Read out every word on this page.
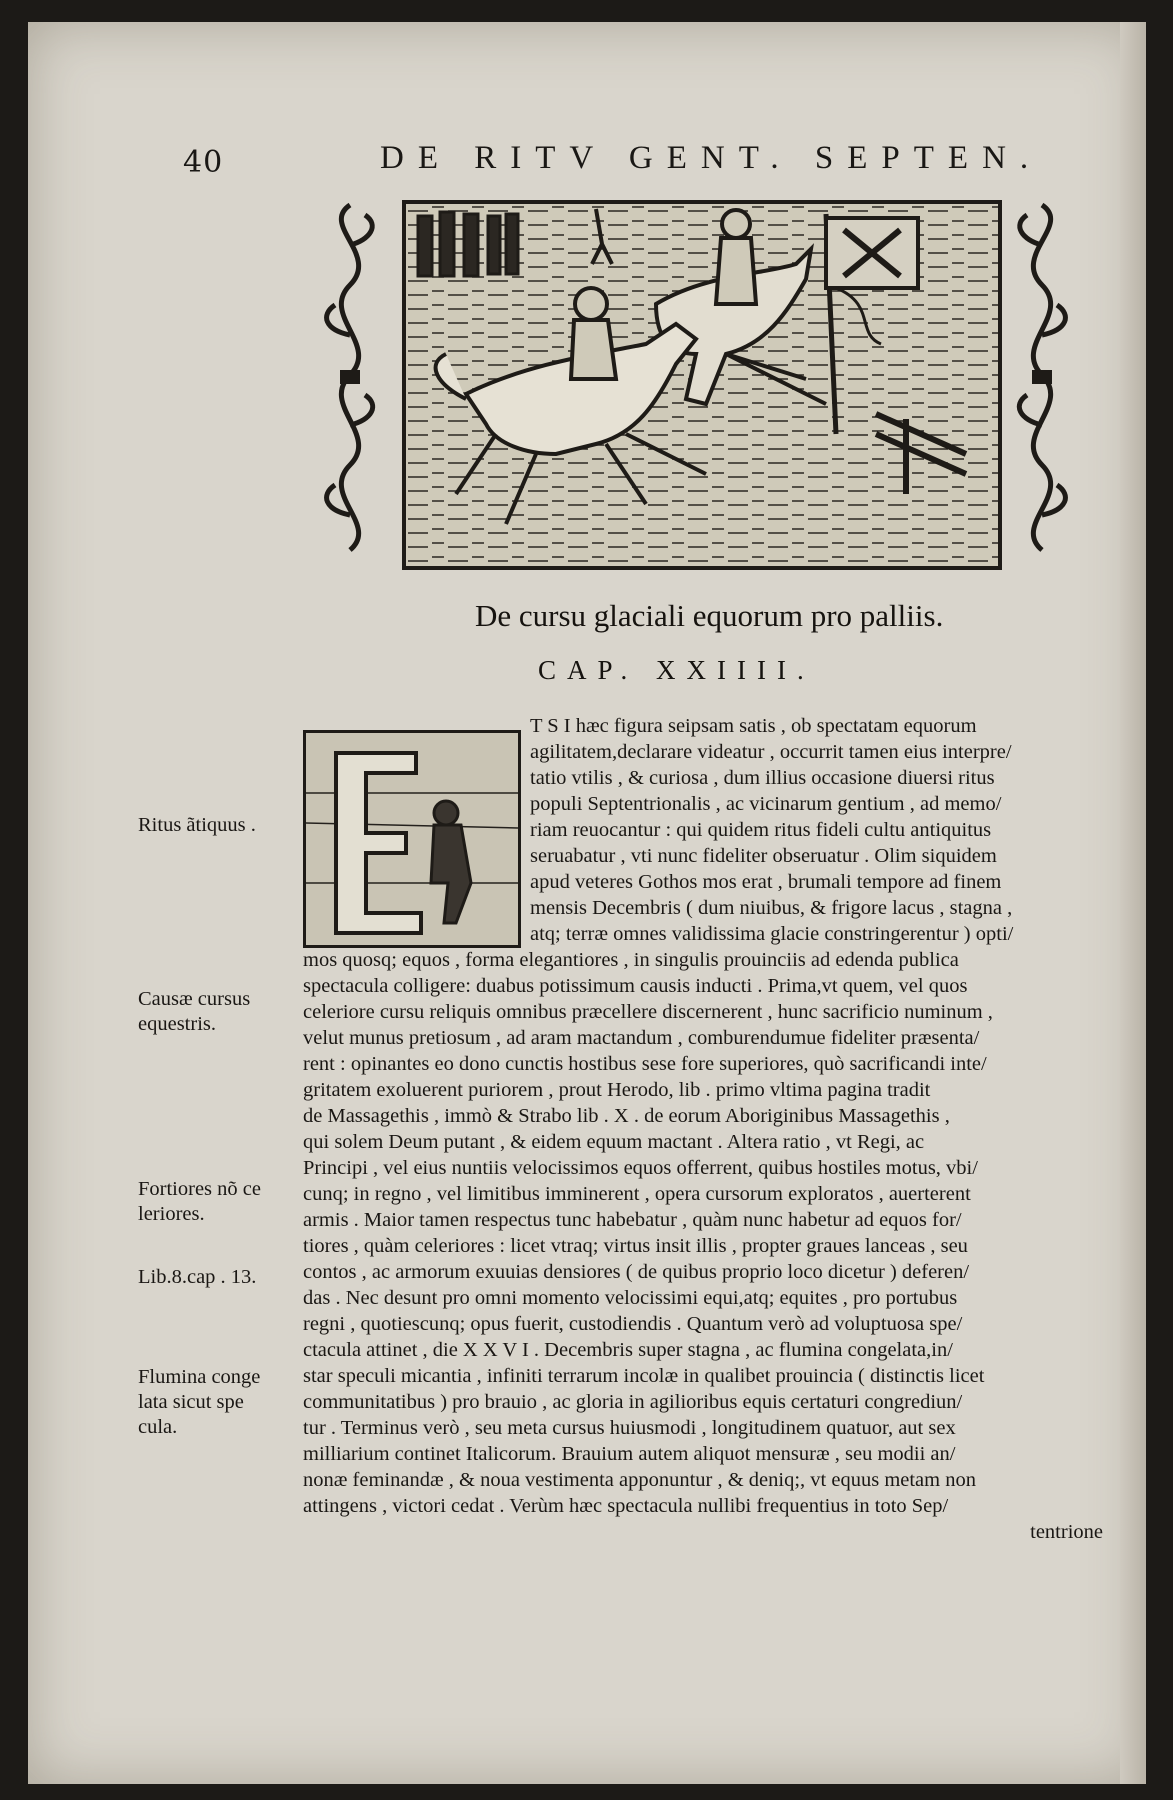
40	DE RITV GENT. SEPTEN.
De cursu glaciali equorum pro palliis.
CAP. XXIIII.
T S I hæc figura seipsam satis , ob spectatam equorum
agilitatem,declarare videatur , occurrit tamen eius interpre/
tatio vtilis , & curiosa , dum illius occasione diuersi ritus
populi Septentrionalis , ac vicinarum gentium , ad memo/
riam reuocantur : qui quidem ritus fideli cultu antiquitus
seruabatur , vti nunc fideliter obseruatur . Olim siquidem
apud veteres Gothos mos erat , brumali tempore ad finem
mensis Decembris ( dum niuibus, & frigore lacus , stagna ,
atq; terræ omnes validissima glacie constringerentur ) opti/
mos quosq; equos , forma elegantiores , in singulis prouinciis ad edenda publica
spectacula colligere: duabus potissimum causis inducti . Prima,vt quem, vel quos
celeriore cursu reliquis omnibus præcellere discernerent , hunc sacrificio numinum ,
velut munus pretiosum , ad aram mactandum , comburendumue fideliter præsenta/
rent : opinantes eo dono cunctis hostibus sese fore superiores, quò sacrificandi inte/
gritatem exoluerent puriorem , prout Herodo, lib . primo vltima pagina tradit
de Massagethis , immò & Strabo lib . X . de eorum Aboriginibus Massagethis ,
qui solem Deum putant , & eidem equum mactant . Altera ratio , vt Regi, ac
Principi , vel eius nuntiis velocissimos equos offerrent, quibus hostiles motus, vbi/
cunq; in regno , vel limitibus imminerent , opera cursorum exploratos , auerterent
armis . Maior tamen respectus tunc habebatur , quàm nunc habetur ad equos for/
tiores , quàm celeriores : licet vtraq; virtus insit illis , propter graues lanceas , seu
contos , ac armorum exuuias densiores ( de quibus proprio loco dicetur ) deferen/
das . Nec desunt pro omni momento velocissimi equi,atq; equites , pro portubus
regni , quotiescunq; opus fuerit, custodiendis . Quantum verò ad voluptuosa spe/
ctacula attinet , die X X V I . Decembris super stagna , ac flumina congelata,in/
star speculi micantia , infiniti terrarum incolæ in qualibet prouincia ( distinctis licet
communitatibus ) pro brauio , ac gloria in agilioribus equis certaturi congrediun/
tur . Terminus verò , seu meta cursus huiusmodi , longitudinem quatuor, aut sex
milliarium continet Italicorum. Brauium autem aliquot mensuræ , seu modii an/
nonæ feminandæ , & noua vestimenta apponuntur , & deniq;, vt equus metam non
attingens , victori cedat . Verùm hæc spectacula nullibi frequentius in toto Sep/
tentrione
Ritus ãtiquus .
Causæ cursus
equestris.
Fortiores nõ ce
leriores.
Lib.8.cap . 13.
Flumina conge
lata sicut spe
cula.
